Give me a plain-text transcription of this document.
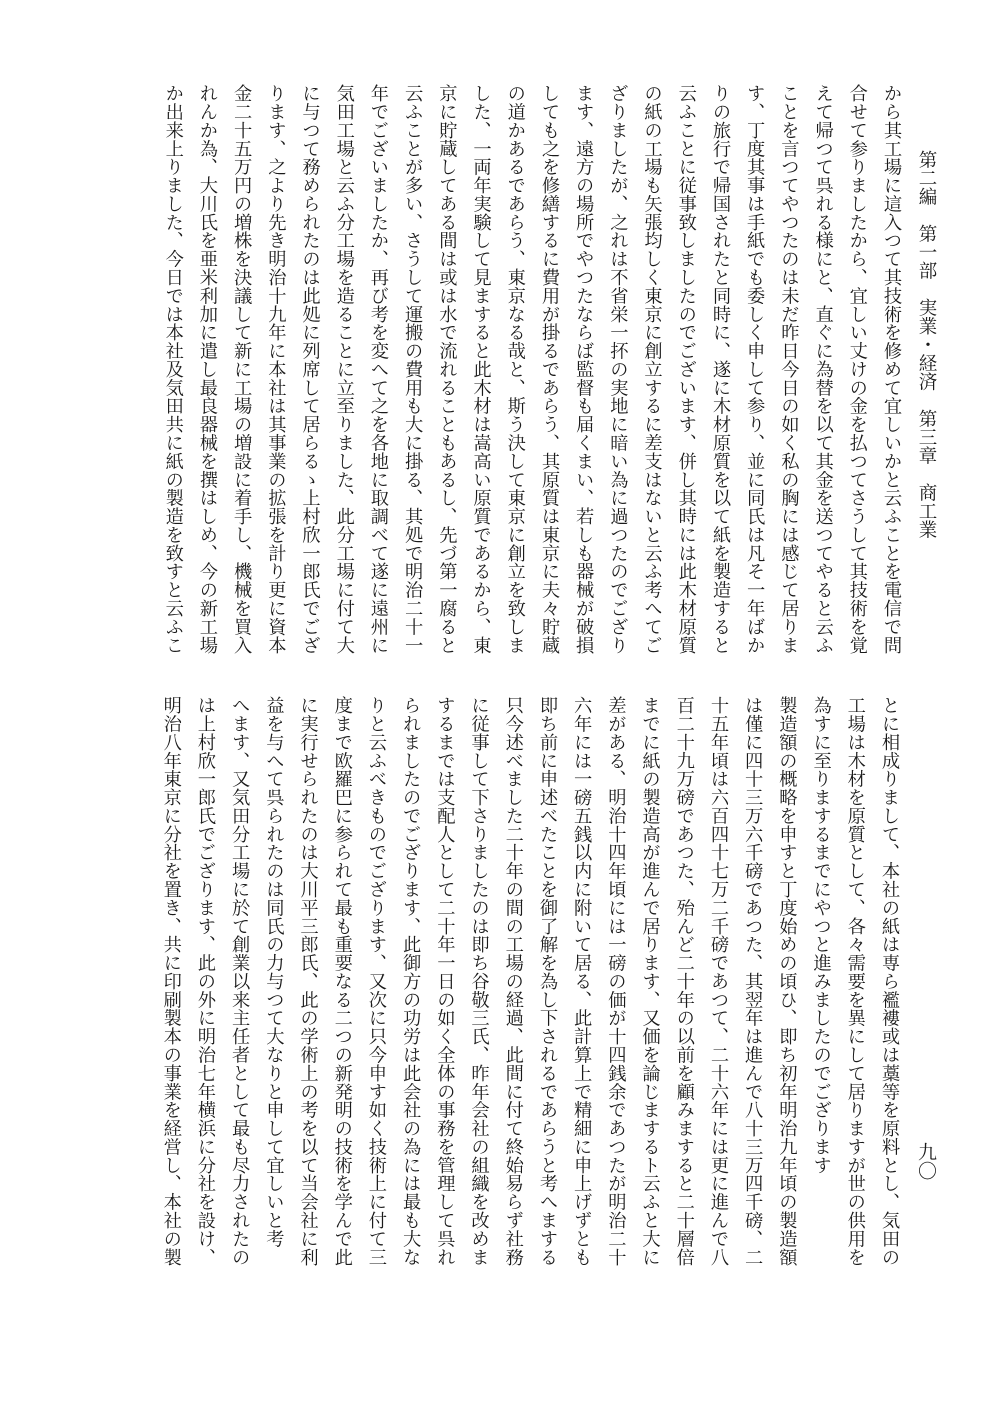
第二編　第一部　実業・経済　第三章　商工業
九〇
から其工場に這入つて其技術を修めて宜しいかと云ふことを電信で問
合せて参りましたから、宜しい丈けの金を払つてさうして其技術を覚
えて帰つて呉れる様にと、直ぐに為替を以て其金を送つてやると云ふ
ことを言つてやつたのは未だ昨日今日の如く私の胸には感じて居りま
す、丁度其事は手紙でも委しく申して参り、並に同氏は凡そ一年ばか
りの旅行で帰国されたと同時に、遂に木材原質を以て紙を製造すると
云ふことに従事致しましたのでございます、併し其時には此木材原質
の紙の工場も矢張均しく東京に創立するに差支はないと云ふ考へてご
ざりましたが、之れは不省栄一抔の実地に暗い為に過つたのでござり
ます、遠方の場所でやつたならば監督も届くまい、若しも器械が破損
しても之を修繕するに費用が掛るであらう、其原質は東京に夫々貯蔵
の道かあるであらう、東京なる哉と、斯う決して東京に創立を致しま
した、一両年実験して見ますると此木材は嵩高い原質であるから、東
京に貯蔵してある間は或は水で流れることもあるし、先づ第一腐ると
云ふことが多い、さうして運搬の費用も大に掛る、其処で明治二十一
年でございましたか、再び考を変へて之を各地に取調べて遂に遠州に
気田工場と云ふ分工場を造ることに立至りました、此分工場に付て大
に与つて務められたのは此処に列席して居らるゝ上村欣一郎氏でござ
ります、之より先き明治十九年に本社は其事業の拡張を計り更に資本
金二十五万円の増株を決議して新に工場の増設に着手し、機械を買入
れんか為、大川氏を亜米利加に遣し最良器械を撰はしめ、今の新工場
か出来上りました、今日では本社及気田共に紙の製造を致すと云ふこ
とに相成りまして、本社の紙は専ら襤褸或は藁等を原料とし、気田の
工場は木材を原質として、各々需要を異にして居りますが世の供用を
為すに至りまするまでにやつと進みましたのでござります
製造額の概略を申すと丁度始めの頃ひ、即ち初年明治九年頃の製造額
は僅に四十三万六千磅であつた、其翌年は進んで八十三万四千磅、二
十五年頃は六百四十七万二千磅であつて、二十六年には更に進んで八
百二十九万磅であつた、殆んど二十年の以前を顧みますると二十層倍
までに紙の製造高が進んで居ります、又価を論じまするト云ふと大に
差がある、明治十四年頃には一磅の価が十四銭余であつたが明治二十
六年には一磅五銭以内に附いて居る、此計算上で精細に申上げずとも
即ち前に申述べたことを御了解を為し下されるであらうと考へまする
只今述べました二十年の間の工場の経過、此間に付て終始易らず社務
に従事して下さりましたのは即ち谷敬三氏、昨年会社の組織を改めま
するまでは支配人として二十年一日の如く全体の事務を管理して呉れ
られましたのでござります、此御方の功労は此会社の為には最も大な
りと云ふべきものでござります、又次に只今申す如く技術上に付て三
度まで欧羅巴に参られて最も重要なる二つの新発明の技術を学んで此
に実行せられたのは大川平三郎氏、此の学術上の考を以て当会社に利
益を与へて呉られたのは同氏の力与つて大なりと申して宜しいと考
へます、又気田分工場に於て創業以来主任者として最も尽力されたの
は上村欣一郎氏でござります、此の外に明治七年横浜に分社を設け、
明治八年東京に分社を置き、共に印刷製本の事業を経営し、本社の製
